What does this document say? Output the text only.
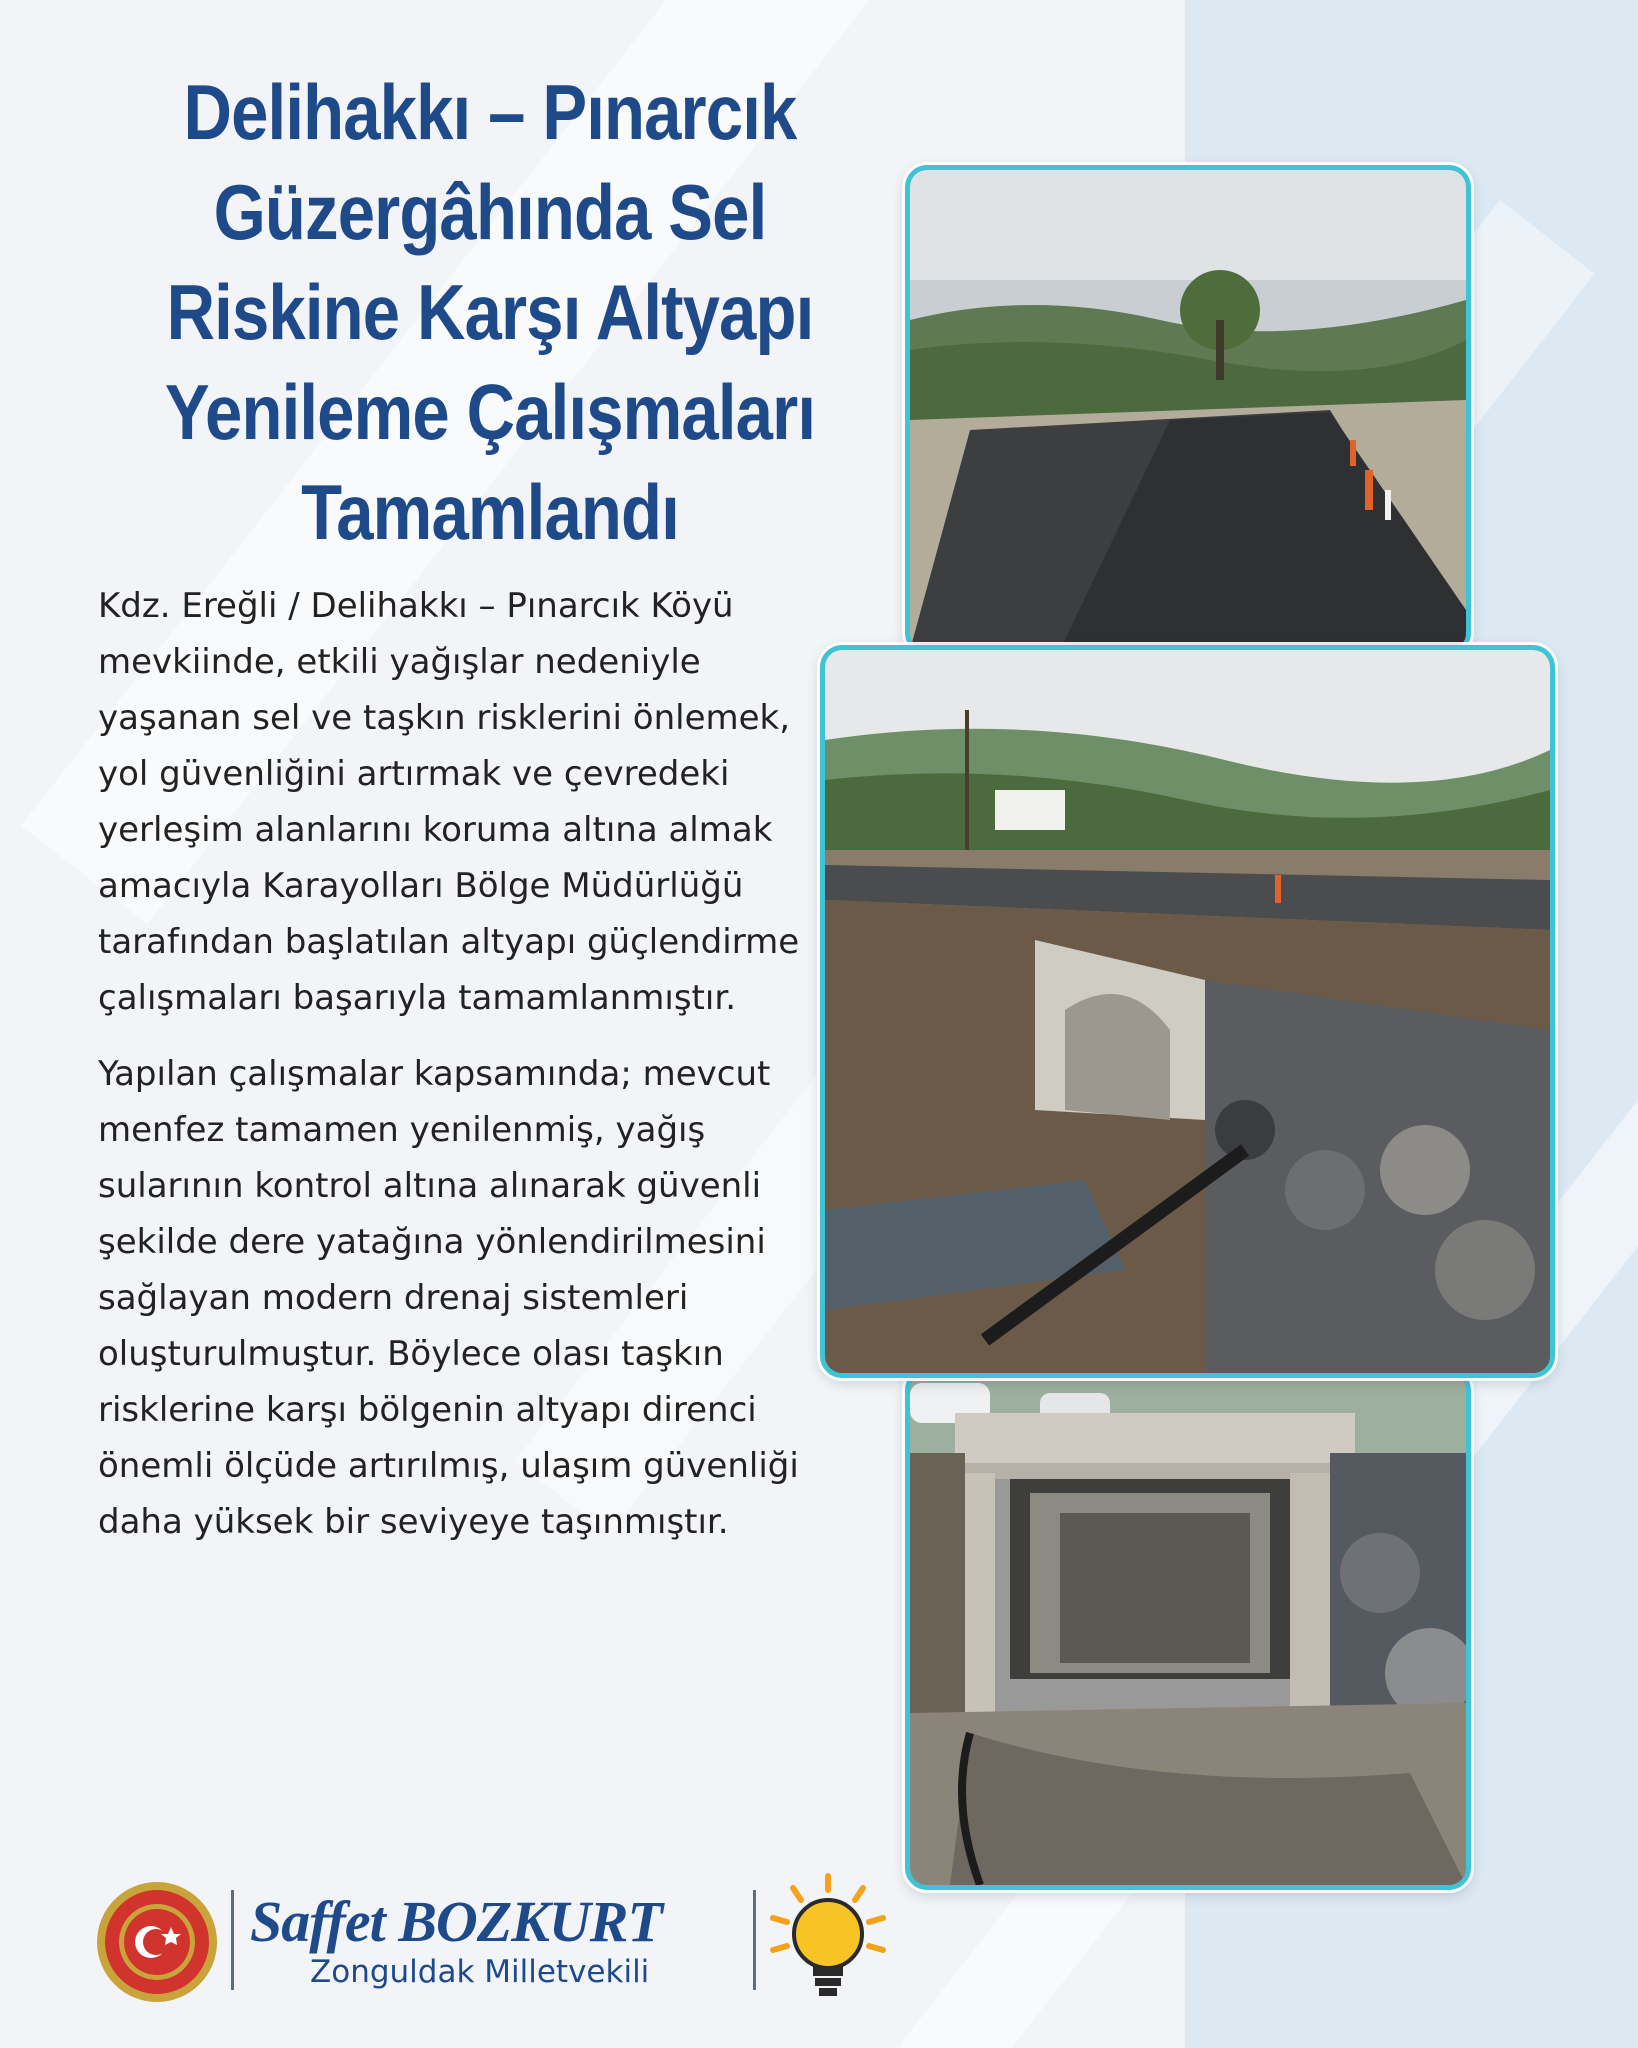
Delihakkı – Pınarcık
Güzergâhında Sel
Riskine Karşı Altyapı
Yenileme Çalışmaları
Tamamlandı

Kdz. Ereğli / Delihakkı – Pınarcık Köyü mevkiinde, etkili yağışlar nedeniyle yaşanan sel ve taşkın risklerini önlemek, yol güvenliğini artırmak ve çevredeki yerleşim alanlarını koruma altına almak amacıyla Karayolları Bölge Müdürlüğü tarafından başlatılan altyapı güçlendirme çalışmaları başarıyla tamamlanmıştır.

Yapılan çalışmalar kapsamında; mevcut menfez tamamen yenilenmiş, yağış sularının kontrol altına alınarak güvenli şekilde dere yatağına yönlendirilmesini sağlayan modern drenaj sistemleri oluşturulmuştur. Böylece olası taşkın risklerine karşı bölgenin altyapı direnci önemli ölçüde artırılmış, ulaşım güvenliği daha yüksek bir seviyeye taşınmıştır.

Saffet BOZKURT
Zonguldak Milletvekili
